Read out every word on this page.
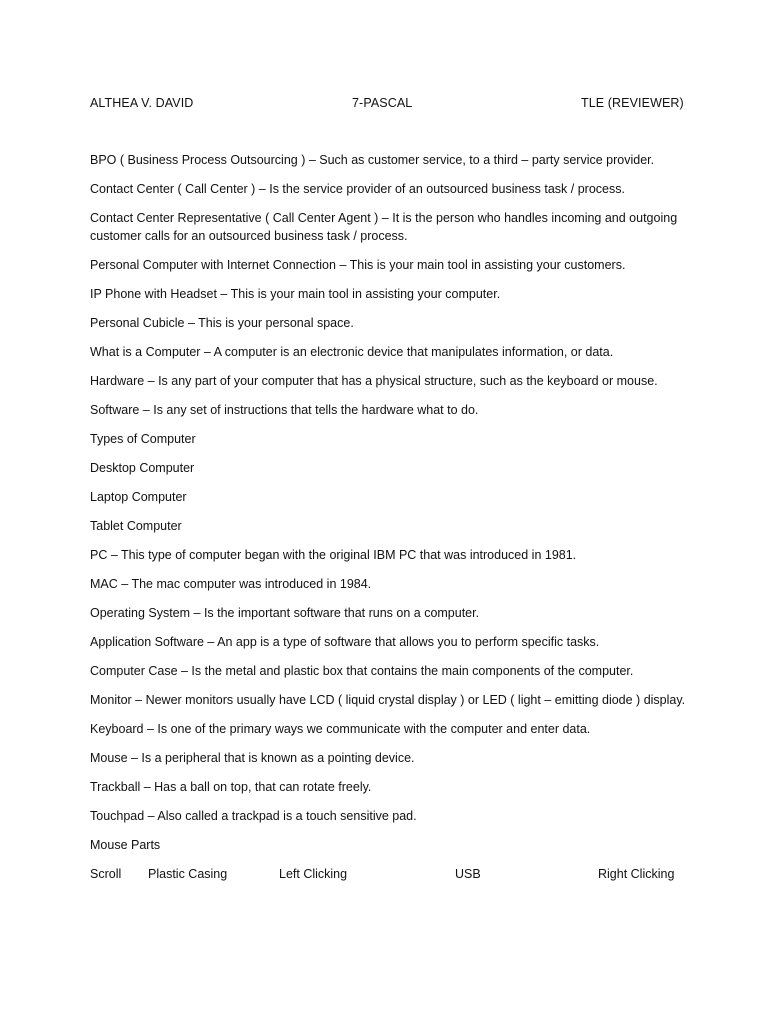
ALTHEA V. DAVID	7-PASCAL	TLE (REVIEWER)
BPO ( Business Process Outsourcing ) – Such as customer service, to a third – party service provider.
Contact Center ( Call Center ) – Is the service provider of an outsourced business task / process.
Contact Center Representative ( Call Center Agent ) – It is the person who handles incoming and outgoing customer calls for an outsourced business task / process.
Personal Computer with Internet Connection – This is your main tool in assisting your customers.
IP Phone with Headset – This is your main tool in assisting your computer.
Personal Cubicle – This is your personal space.
What is a Computer – A computer is an electronic device that manipulates information, or data.
Hardware – Is any part of your computer that has a physical structure, such as the keyboard or mouse.
Software – Is any set of instructions that tells the hardware what to do.
Types of Computer
Desktop Computer
Laptop Computer
Tablet Computer
PC – This type of computer began with the original IBM PC that was introduced in 1981.
MAC – The mac computer was introduced in 1984.
Operating System – Is the important software that runs on a computer.
Application Software – An app is a type of software that allows you to perform specific tasks.
Computer Case – Is the metal and plastic box that contains the main components of the computer.
Monitor – Newer monitors usually have LCD ( liquid crystal display ) or LED ( light – emitting diode ) display.
Keyboard – Is one of the primary ways we communicate with the computer and enter data.
Mouse – Is a peripheral that is known as a pointing device.
Trackball – Has a ball on top, that can rotate freely.
Touchpad – Also called a trackpad is a touch sensitive pad.
Mouse Parts
Scroll Plastic Casing	Left Clicking	USB	Right Clicking
